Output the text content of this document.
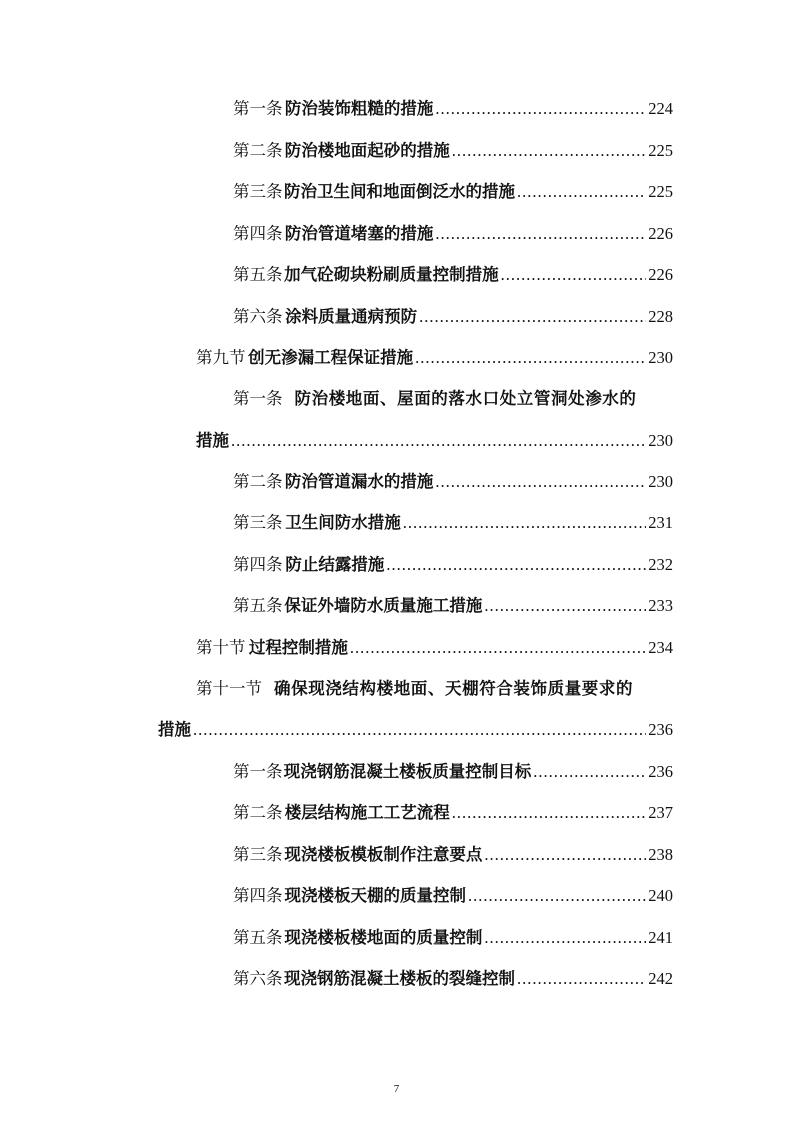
第一条 防治装饰粗糙的措施 .....	224
第二条 防治楼地面起砂的措施 .....	225
第三条 防治卫生间和地面倒泛水的措施 .....	225
第四条 防治管道堵塞的措施 .....	226
第五条 加气砼砌块粉刷质量控制措施 .....	226
第六条 涂料质量通病预防 .....	228
第九节 创无渗漏工程保证措施 .....	230
第一条 防治楼地面、屋面的落水口处立管洞处渗水的
措施 .....	230
第二条 防治管道漏水的措施 .....	230
第三条 卫生间防水措施 .....	231
第四条 防止结露措施 .....	232
第五条 保证外墙防水质量施工措施 .....	233
第十节 过程控制措施 .....	234
第十一节 确保现浇结构楼地面、天棚符合装饰质量要求的
措施 .....	236
第一条 现浇钢筋混凝土楼板质量控制目标 .....	236
第二条 楼层结构施工工艺流程 .....	237
第三条 现浇楼板模板制作注意要点 .....	238
第四条 现浇楼板天棚的质量控制 .....	240
第五条 现浇楼板楼地面的质量控制 .....	241
第六条 现浇钢筋混凝土楼板的裂缝控制 .....	242
7
